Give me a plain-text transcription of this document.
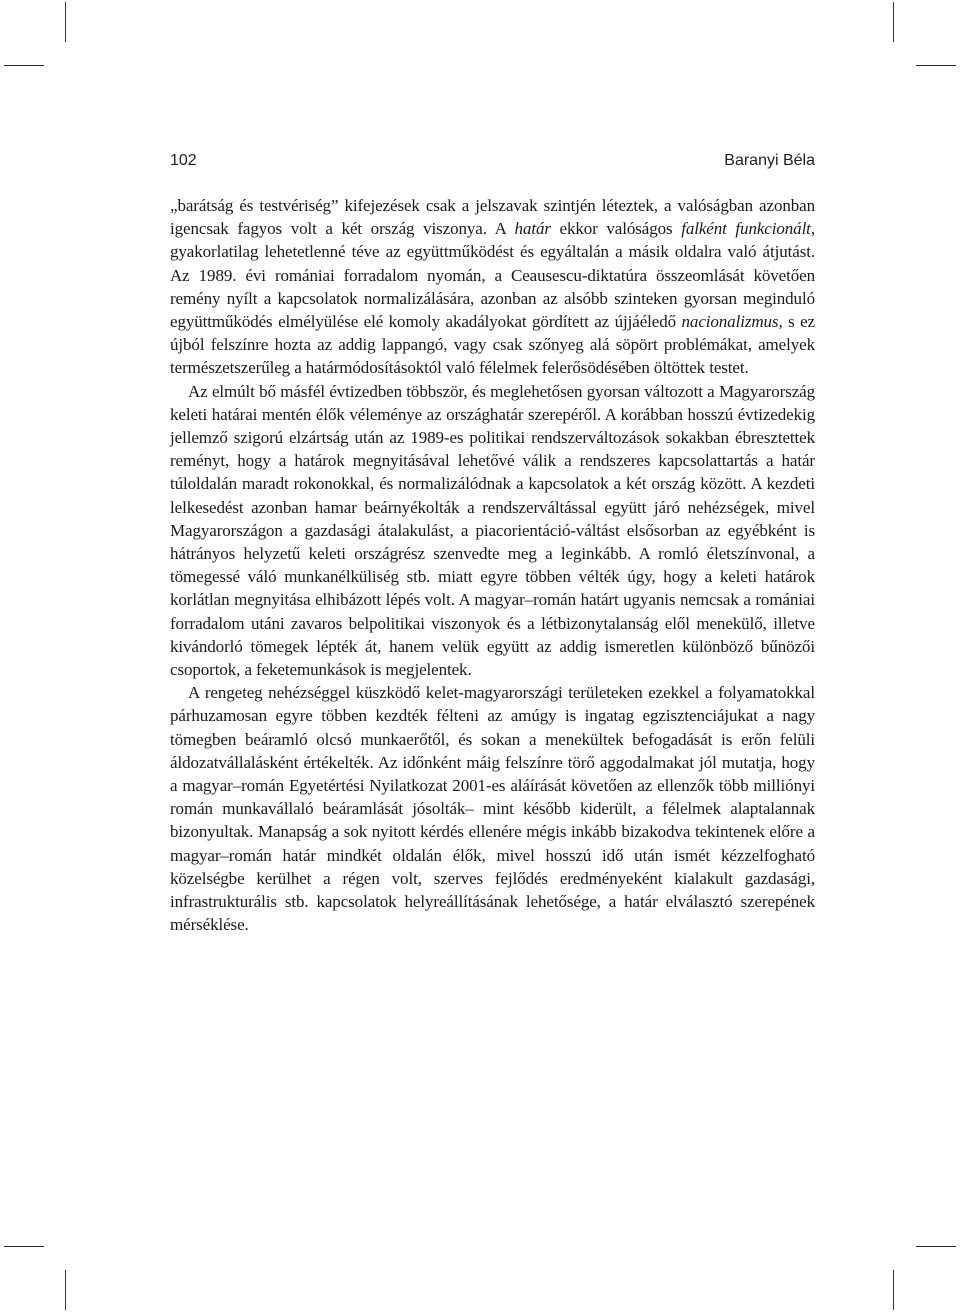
102	Baranyi Béla

„barátság és testvériség” kifejezések csak a jelszavak szintjén léteztek, a valóságban azonban igencsak fagyos volt a két ország viszonya. A határ ekkor valóságos falként funkcionált, gyakorlatilag lehetetlenné téve az együttműködést és egyáltalán a másik oldalra való átjutást. Az 1989. évi romániai forradalom nyomán, a Ceausescu-diktatúra összeomlását követően remény nyílt a kapcsolatok normalizálására, azonban az alsóbb szinteken gyorsan meginduló együttműködés elmélyülése elé komoly akadályokat gördített az újjáéledő nacionalizmus, s ez újból felszínre hozta az addig lappangó, vagy csak szőnyeg alá söpört problémákat, amelyek természetszerűleg a határmódosításoktól való félelmek felerősödésében öltöttek testet.

Az elmúlt bő másfél évtizedben többször, és meglehetősen gyorsan változott a Magyarország keleti határai mentén élők véleménye az országhatár szerepéről. A korábban hosszú évtizedekig jellemző szigorú elzártság után az 1989-es politikai rendszerváltozások sokakban ébresztettek reményt, hogy a határok megnyitásával lehetővé válik a rendszeres kapcsolattartás a határ túloldalán maradt rokonokkal, és normalizálódnak a kapcsolatok a két ország között. A kezdeti lelkesedést azonban hamar beárnyékolták a rendszerváltással együtt járó nehézségek, mivel Magyarországon a gazdasági átalakulást, a piacorientáció-váltást elsősorban az egyébként is hátrányos helyzetű keleti országrész szenvedte meg a leginkább. A romló életszínvonal, a tömegessé váló munkanélküliség stb. miatt egyre többen vélték úgy, hogy a keleti határok korlátlan megnyitása elhibázott lépés volt. A magyar–román határt ugyanis nemcsak a romániai forradalom utáni zavaros belpolitikai viszonyok és a létbizonytalanság elől menekülő, illetve kivándorló tömegek lépték át, hanem velük együtt az addig ismeretlen különböző bűnözői csoportok, a feketemunkások is megjelentek.

A rengeteg nehézséggel küszködő kelet-magyarországi területeken ezekkel a folyamatokkal párhuzamosan egyre többen kezdték félteni az amúgy is ingatag egzisztenciájukat a nagy tömegben beáramló olcsó munkaerőtől, és sokan a menekültek befogadását is erőn felüli áldozatvállalásként értékelték. Az időnként máig felszínre törő aggodalmakat jól mutatja, hogy a magyar–román Egyetértési Nyilatkozat 2001-es aláírását követően az ellenzők több milliónyi román munkavállaló beáramlását jósolták– mint később kiderült, a félelmek alaptalannak bizonyultak. Manapság a sok nyitott kérdés ellenére mégis inkább bizakodva tekintenek előre a magyar–román határ mindkét oldalán élők, mivel hosszú idő után ismét kézzelfogható közelségbe kerülhet a régen volt, szerves fejlődés eredményeként kialakult gazdasági, infrastrukturális stb. kapcsolatok helyreállításának lehetősége, a határ elválasztó szerepének mérséklése.
